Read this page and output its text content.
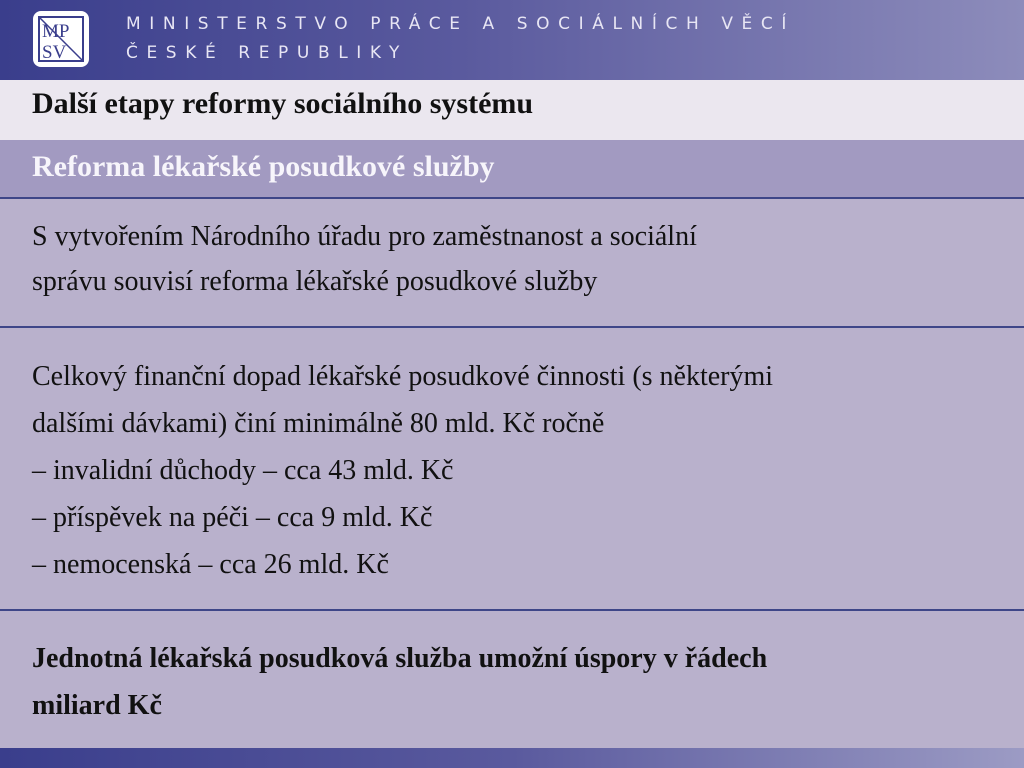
MP
SV
MINISTERSTVO PRÁCE A SOCIÁLNÍCH VĚCÍ
ČESKÉ REPUBLIKY
Další etapy reformy sociálního systému
Reforma lékařské posudkové služby
S vytvořením Národního úřadu pro zaměstnanost a sociální
správu souvisí reforma lékařské posudkové služby
Celkový finanční dopad lékařské posudkové činnosti (s některými
dalšími dávkami) činí minimálně 80 mld. Kč ročně
– invalidní důchody – cca 43 mld. Kč
– příspěvek na péči – cca 9 mld. Kč
– nemocenská – cca 26 mld. Kč
Jednotná lékařská posudková služba umožní úspory v řádech
miliard Kč
